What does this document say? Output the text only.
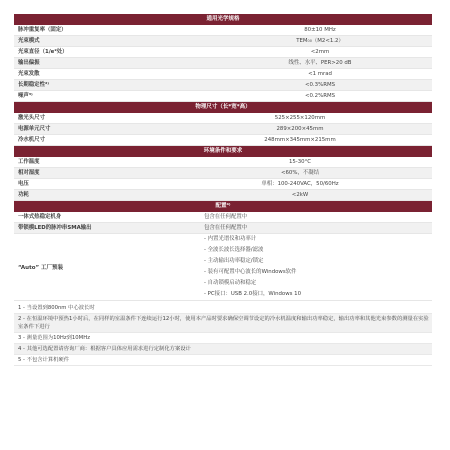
通用光学规格
脉冲重复率（固定）	80±10 MHz
光束模式	TEM₀₀（M2<1.2）
光束直径（1/e²处）	<2mm
输出偏振	线性、水平、PER>20 dB
光束发散	<1 mrad
长期稳定性²⁾	<0.3%RMS
噪声³⁾	<0.2%RMS
物理尺寸（长*宽*高）
激光头尺寸	525×255×120mm
电源单元尺寸	289×200×45mm
冷水机尺寸	248mm×345mm×215mm
环境条件和要求
工作温度	15-30°C
相对湿度	<60%，不凝结
电压	单相：100-240VAC，50/60Hz
功耗	<2kW
配置⁴⁾
一体式热稳定机身	包含在任何配置中
带锁模LED的脉冲串SMA输出	包含在任何配置中
“Auto” 工厂预装
- 内置光谱仪和功率计
- 全波长波长选择器/滤波
- 主动输出功率稳定/锁定
- 装有可配置中心波长的Windows软件
- 自动锁模启动和稳定
- PC接口：USB 2.0接口，Windows 10
1 - 当设置到800nm 中心波长时
2 - 在恒温环境中预热1小时后，在同样的室温条件下连续运行12小时，使用本产品时要求确保空调节设定的冷水机温度和输出功率稳定，输出功率和其他光束参数的测量在实验室条件下进行
3 - 测量范围为10Hz到10MHz
4 - 其他可选配置请咨询厂商：根据客户具体应用需求进行定制化方案设计
5 - 不包含计算机硬件
